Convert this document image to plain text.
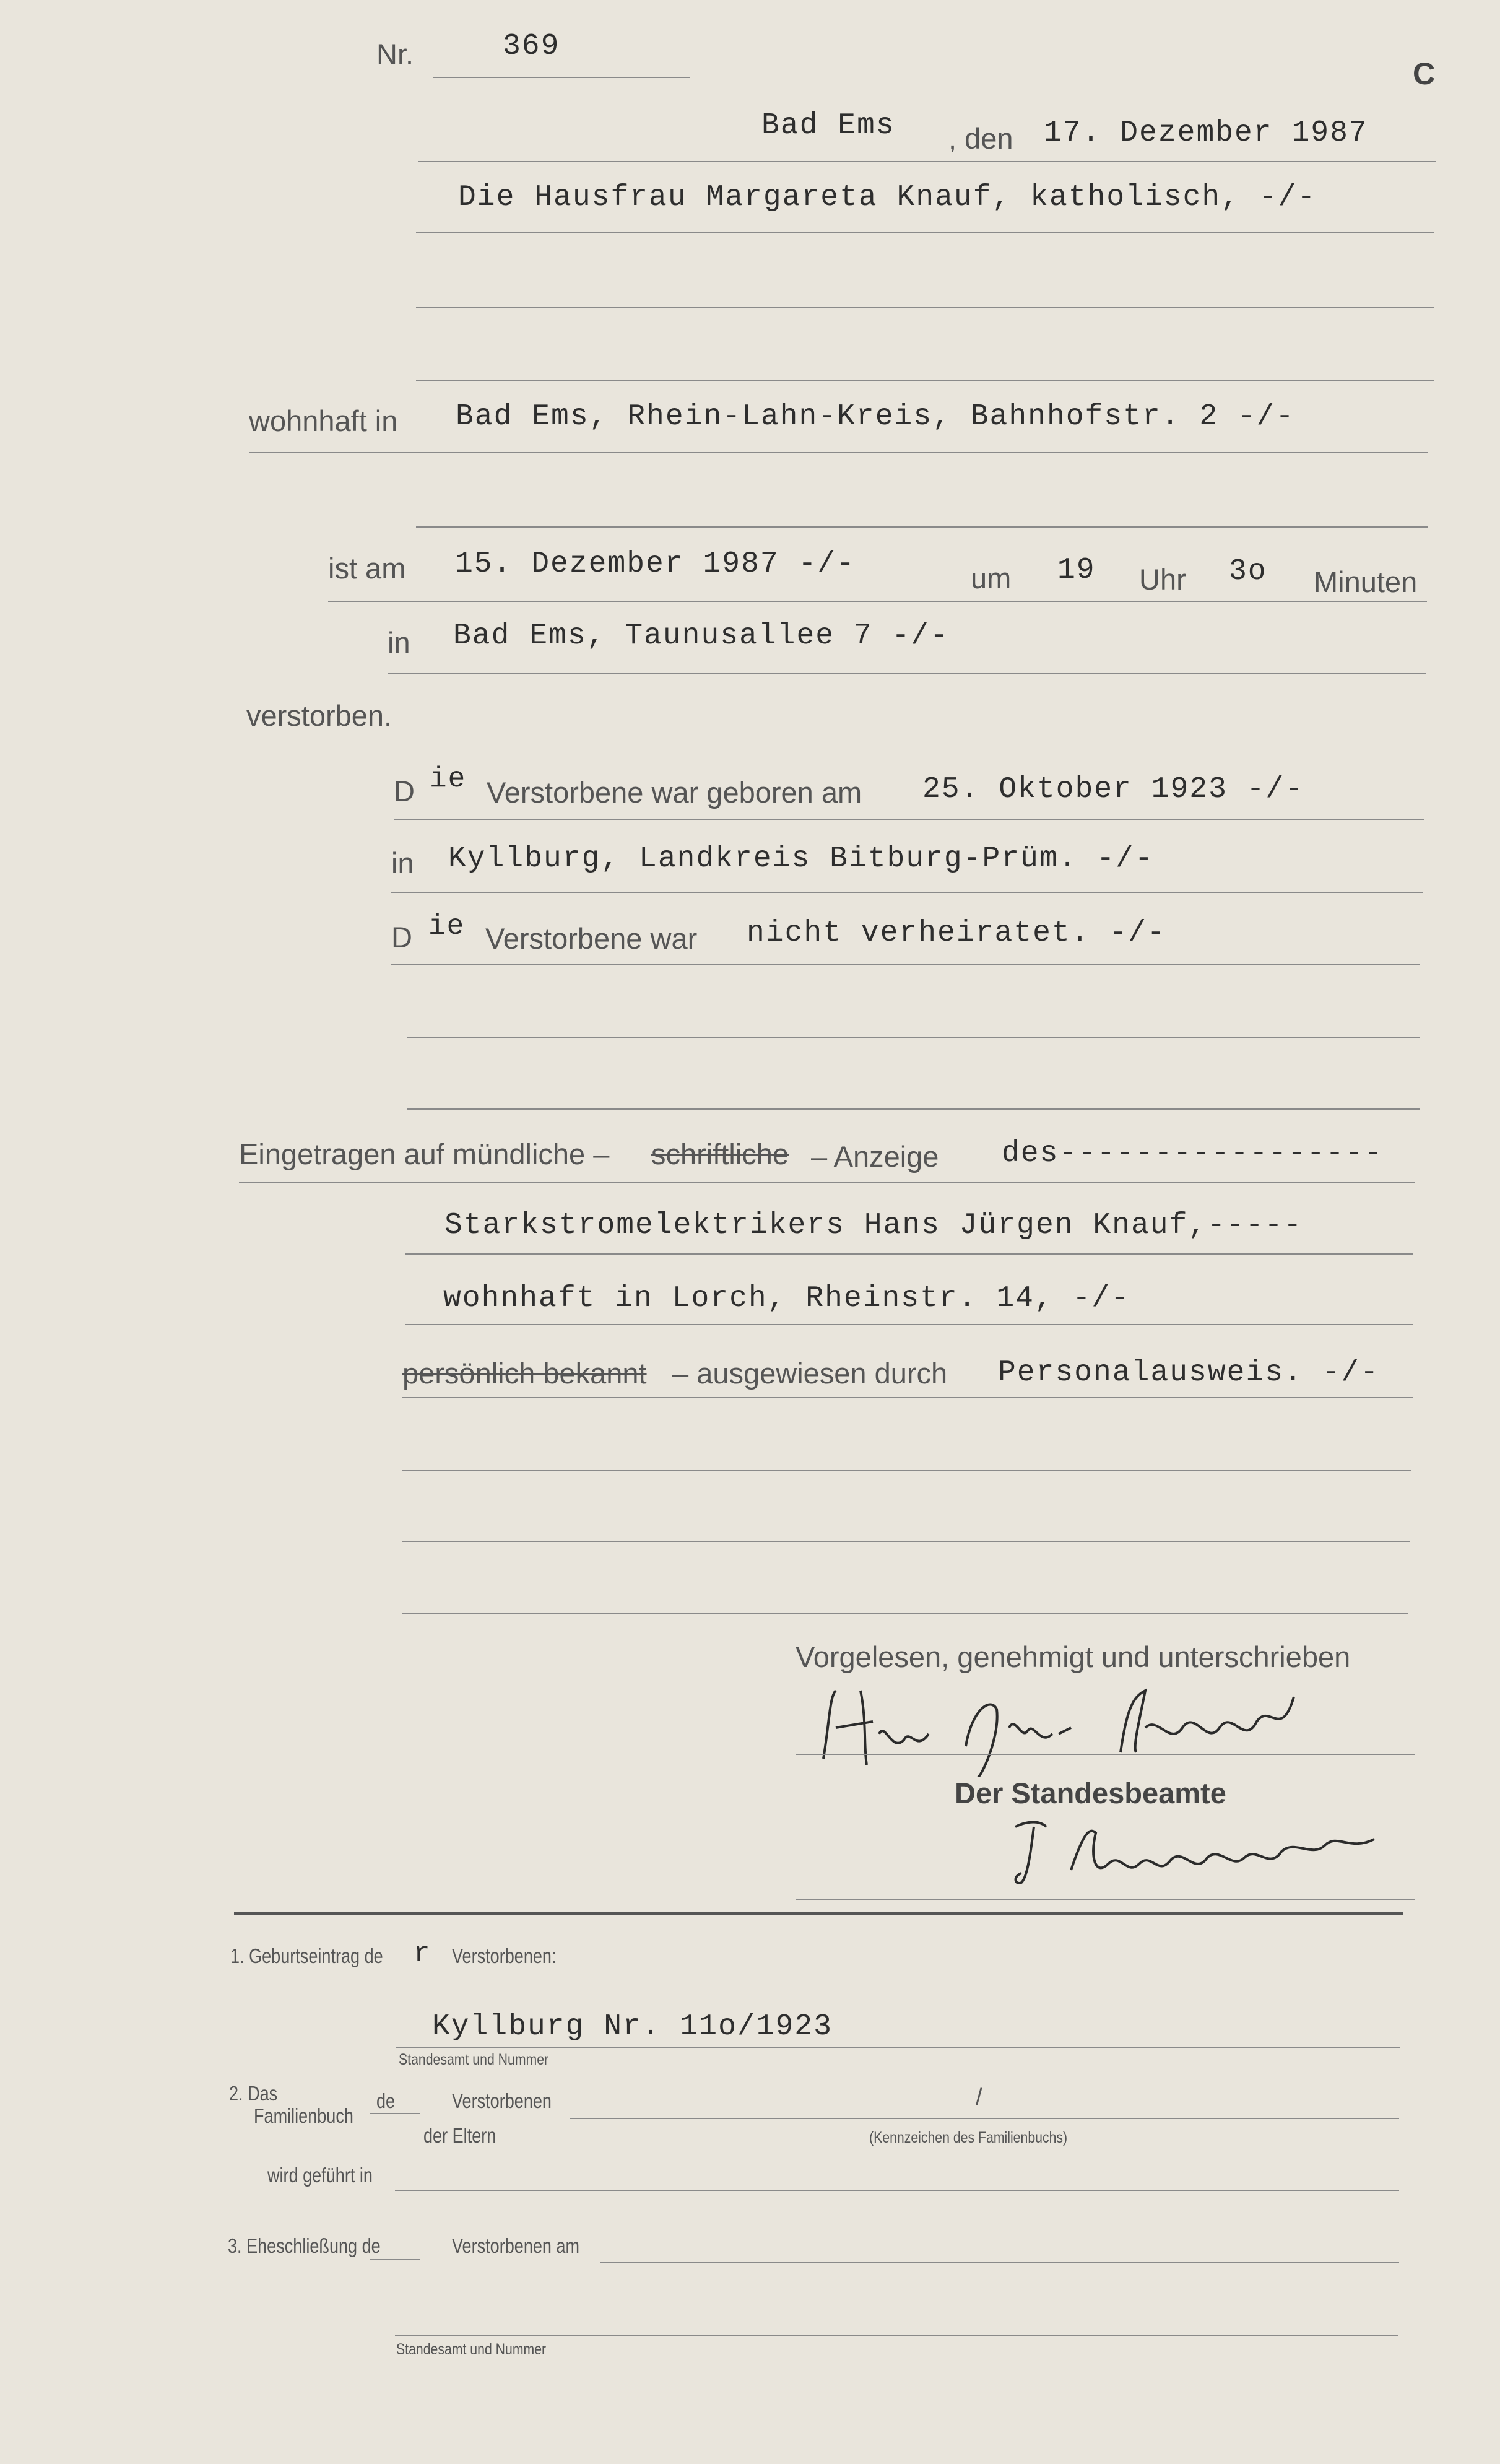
C
Nr.	369
Bad Ems , den 17. Dezember 1987
Die Hausfrau Margareta Knauf, katholisch, -/-
wohnhaft in Bad Ems, Rhein-Lahn-Kreis, Bahnhofstr. 2 -/-
ist am 15. Dezember 1987 -/-	um 19 Uhr 3o Minuten
in Bad Ems, Taunusallee 7 -/-
verstorben.
D ie Verstorbene war geboren am 25. Oktober 1923 -/-
in Kyllburg, Landkreis Bitburg-Prüm. -/-
D ie Verstorbene war nicht verheiratet. -/-
Eingetragen auf mündliche – schriftliche – Anzeige des-----------------
Starkstromelektrikers Hans Jürgen Knauf,-----
wohnhaft in Lorch, Rheinstr. 14, -/-
persönlich bekannt – ausgewiesen durch Personalausweis. -/-
Vorgelesen, genehmigt und unterschrieben
Der Standesbeamte
1. Geburtseintrag de r Verstorbenen:
Kyllburg Nr. 11o/1923
Standesamt und Nummer
2. Das
Familienbuch
de	Verstorbenen	/
der Eltern	(Kennzeichen des Familienbuchs)
wird geführt in
3. Eheschließung de	Verstorbenen am
Standesamt und Nummer
